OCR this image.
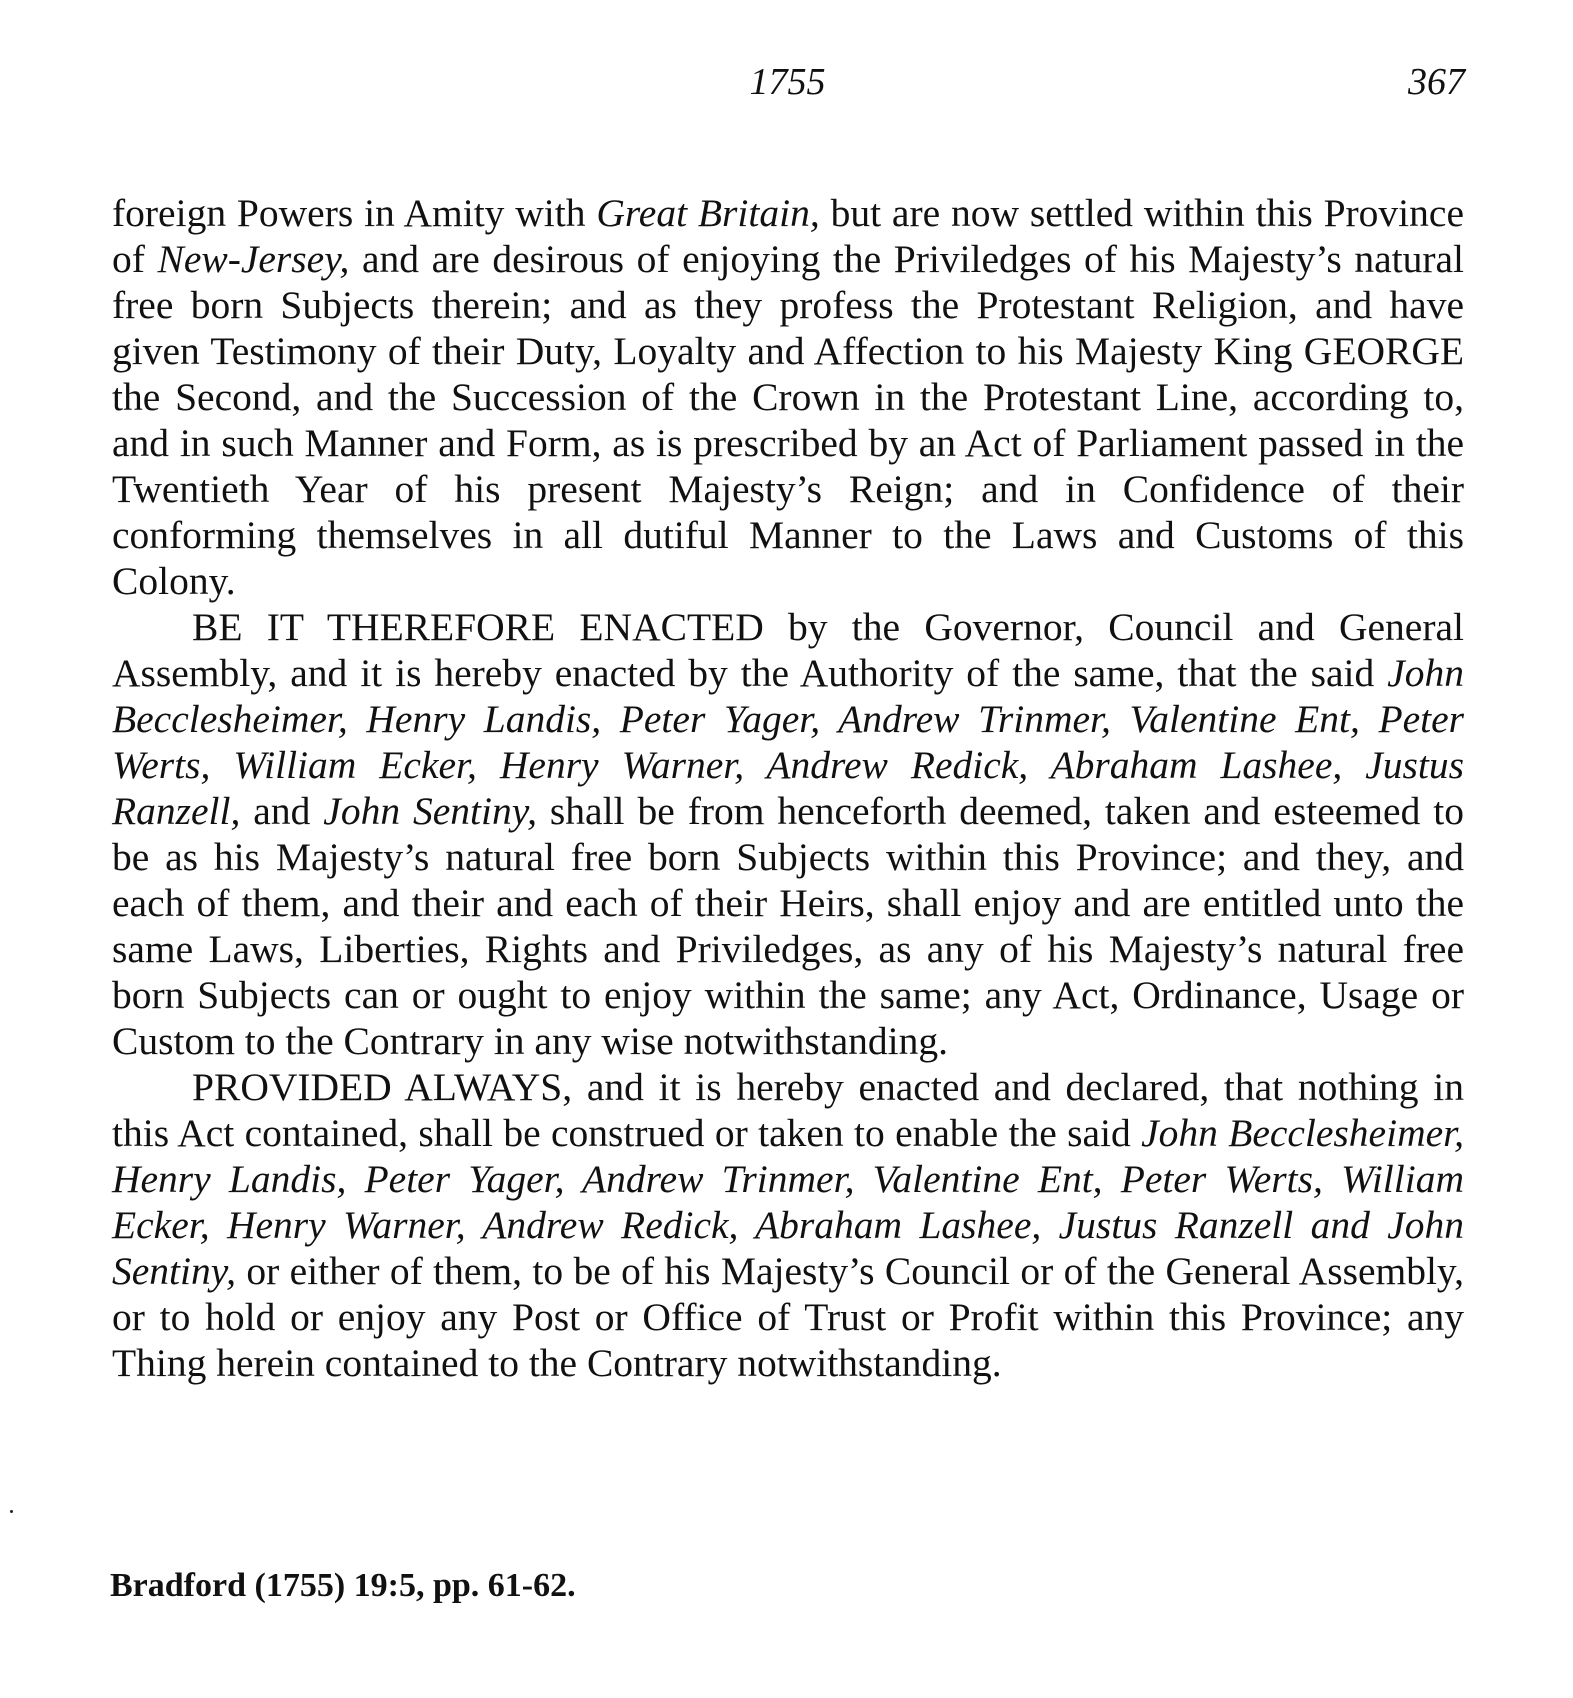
1755	367

foreign Powers in Amity with Great Britain, but are now settled within this Province of New-Jersey, and are desirous of enjoying the Priviledges of his Majesty’s natural free born Subjects therein; and as they profess the Protestant Religion, and have given Testimony of their Duty, Loyalty and Affection to his Majesty King GEORGE the Second, and the Succession of the Crown in the Protestant Line, according to, and in such Manner and Form, as is prescribed by an Act of Parliament passed in the Twentieth Year of his present Majesty’s Reign; and in Confidence of their conforming themselves in all dutiful Manner to the Laws and Customs of this Colony.

BE IT THEREFORE ENACTED by the Governor, Council and General Assembly, and it is hereby enacted by the Authority of the same, that the said John Becclesheimer, Henry Landis, Peter Yager, Andrew Trinmer, Valentine Ent, Peter Werts, William Ecker, Henry Warner, Andrew Redick, Abraham Lashee, Justus Ranzell, and John Sentiny, shall be from henceforth deemed, taken and esteemed to be as his Majesty’s natural free born Subjects within this Province; and they, and each of them, and their and each of their Heirs, shall enjoy and are entitled unto the same Laws, Liberties, Rights and Priviledges, as any of his Majesty’s natural free born Subjects can or ought to enjoy within the same; any Act, Ordinance, Usage or Custom to the Contrary in any wise notwithstanding.

PROVIDED ALWAYS, and it is hereby enacted and declared, that nothing in this Act contained, shall be construed or taken to enable the said John Becclesheimer, Henry Landis, Peter Yager, Andrew Trinmer, Valentine Ent, Peter Werts, William Ecker, Henry Warner, Andrew Redick, Abraham Lashee, Justus Ranzell and John Sentiny, or either of them, to be of his Majesty’s Council or of the General Assembly, or to hold or enjoy any Post or Office of Trust or Profit within this Province; any Thing herein contained to the Contrary notwithstanding.

Bradford (1755) 19:5, pp. 61-62.
